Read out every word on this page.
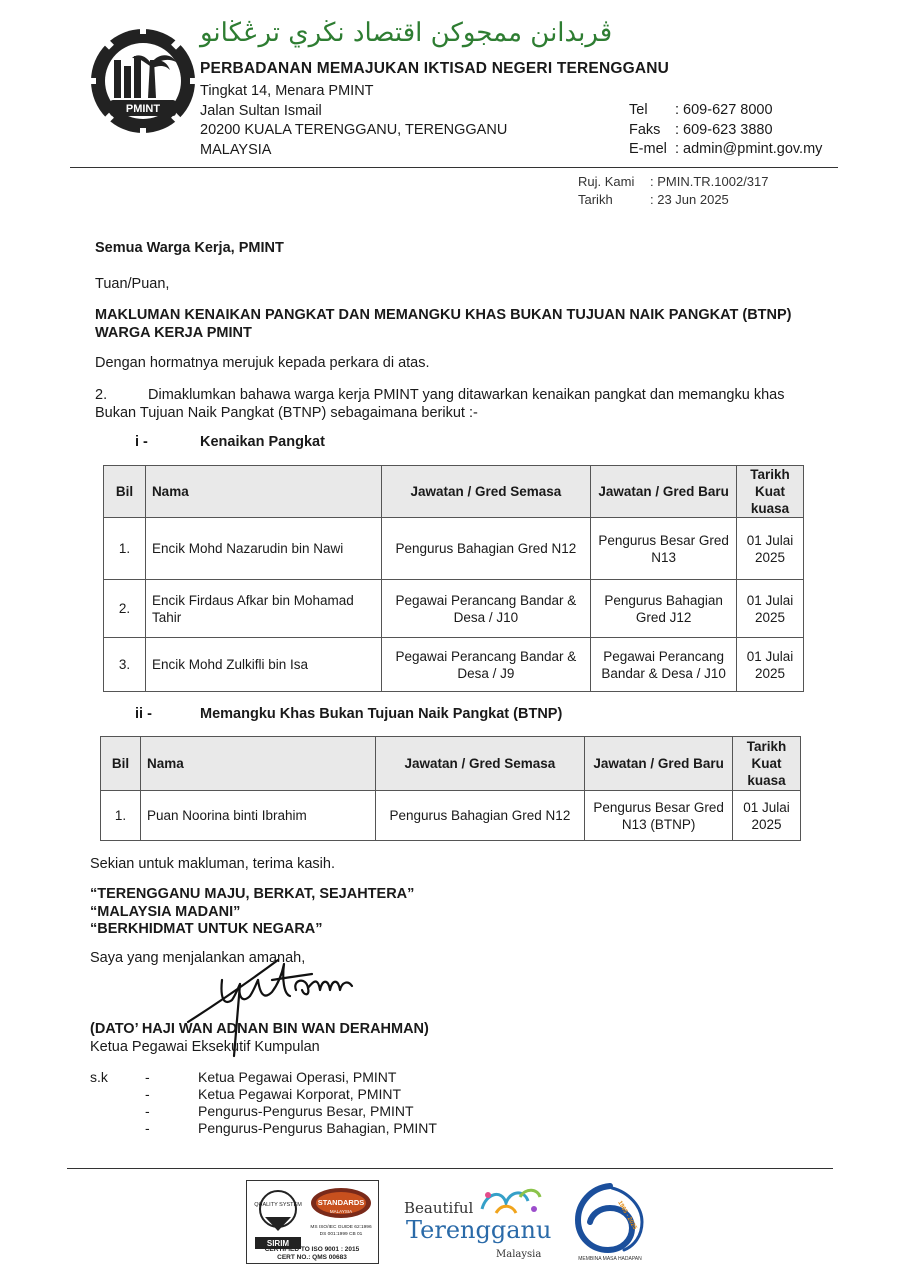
PMINT
ڤربدانن ممجوكن اقتصاد نڬري ترڠڬانو
PERBADANAN MEMAJUKAN IKTISAD NEGERI TERENGGANU
Tingkat 14, Menara PMINT
Jalan Sultan Ismail
20200 KUALA TERENGGANU, TERENGGANU
MALAYSIA
Tel : 609-627 8000
Faks : 609-623 3880
E-mel : admin@pmint.gov.my
Ruj. Kami : PMIN.TR.1002/317
Tarikh	: 23 Jun 2025
Semua Warga Kerja, PMINT
Tuan/Puan,
MAKLUMAN KENAIKAN PANGKAT DAN MEMANGKU KHAS BUKAN TUJUAN NAIK PANGKAT (BTNP)
WARGA KERJA PMINT
Dengan hormatnya merujuk kepada perkara di atas.
2.	Dimaklumkan bahawa warga kerja PMINT yang ditawarkan kenaikan pangkat dan memangku khas
Bukan Tujuan Naik Pangkat (BTNP) sebagaimana berikut :-
i -	Kenaikan Pangkat
Bil	Nama	Jawatan / Gred Semasa	Jawatan / Gred Baru	Tarikh Kuat kuasa
1.	Encik Mohd Nazarudin bin Nawi	Pengurus Bahagian Gred N12	Pengurus Besar Gred N13	01 Julai 2025
2.	Encik Firdaus Afkar bin Mohamad Tahir	Pegawai Perancang Bandar & Desa / J10	Pengurus Bahagian Gred J12	01 Julai 2025
3.	Encik Mohd Zulkifli bin Isa	Pegawai Perancang Bandar & Desa / J9	Pegawai Perancang Bandar & Desa / J10	01 Julai 2025
ii -	Memangku Khas Bukan Tujuan Naik Pangkat (BTNP)
Bil	Nama	Jawatan / Gred Semasa	Jawatan / Gred Baru	Tarikh Kuat kuasa
1.	Puan Noorina binti Ibrahim	Pengurus Bahagian Gred N12	Pengurus Besar Gred N13 (BTNP)	01 Julai 2025
Sekian untuk makluman, terima kasih.
“TERENGGANU MAJU, BERKAT, SEJAHTERA”
“MALAYSIA MADANI”
“BERKHIDMAT UNTUK NEGARA”
Saya yang menjalankan amanah,
(DATO’ HAJI WAN ADNAN BIN WAN DERAHMAN)
Ketua Pegawai Eksekutif Kumpulan
s.k	-	Ketua Pegawai Operasi, PMINT
-	Ketua Pegawai Korporat, PMINT
-	Pengurus-Pengurus Besar, PMINT
-	Pengurus-Pengurus Bahagian, PMINT
QUALITY SYSTEM
SIRIM
STANDARDS
MALAYSIA
MS ISO/IEC GUIDE 62:1996
DS 001:1999 CB 01
CERTIFIED TO ISO 9001 : 2015
CERT NO.: QMS 00683
Beautiful
Terengganu
Malaysia
1965 - 2025
MEMBINA MASA HADAPAN
